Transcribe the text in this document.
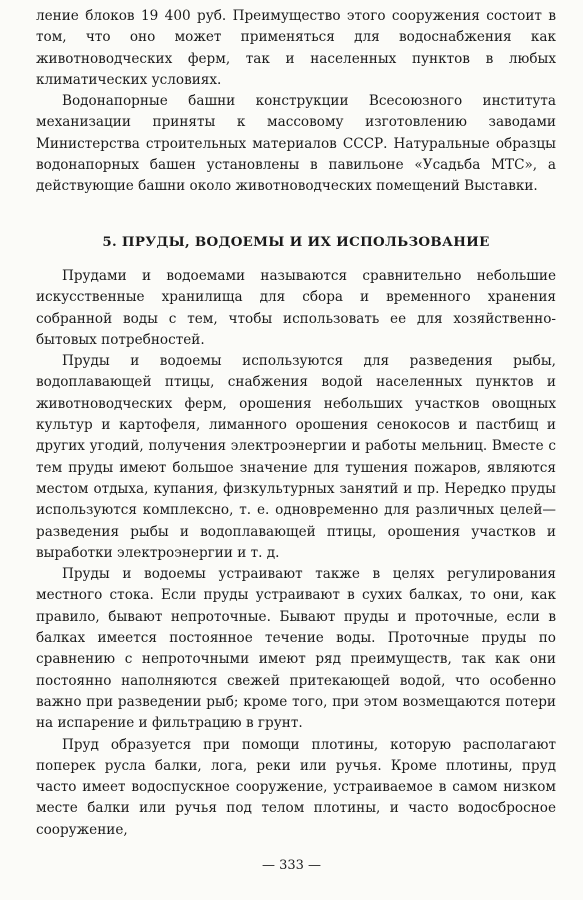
ление блоков 19 400 руб. Преимущество этого сооружения состоит в том, что оно может применяться для водоснабжения как животноводческих ферм, так и населенных пунктов в любых климатических условиях.

Водонапорные башни конструкции Всесоюзного института механизации приняты к массовому изготовлению заводами Министерства строительных материалов СССР. Натуральные образцы водонапорных башен установлены в павильоне «Усадьба МТС», а действующие башни около животноводческих помещений Выставки.

5. ПРУДЫ, ВОДОЕМЫ И ИХ ИСПОЛЬЗОВАНИЕ

Прудами и водоемами называются сравнительно небольшие искусственные хранилища для сбора и временного хранения собранной воды с тем, чтобы использовать ее для хозяйственно-бытовых потребностей.

Пруды и водоемы используются для разведения рыбы, водоплавающей птицы, снабжения водой населенных пунктов и животноводческих ферм, орошения небольших участков овощных культур и картофеля, лиманного орошения сенокосов и пастбищ и других угодий, получения электроэнергии и работы мельниц. Вместе с тем пруды имеют большое значение для тушения пожаров, являются местом отдыха, купания, физкультурных занятий и пр. Нередко пруды используются комплексно, т. е. одновременно для различных целей—разведения рыбы и водоплавающей птицы, орошения участков и выработки электроэнергии и т. д.

Пруды и водоемы устраивают также в целях регулирования местного стока. Если пруды устраивают в сухих балках, то они, как правило, бывают непроточные. Бывают пруды и проточные, если в балках имеется постоянное течение воды. Проточные пруды по сравнению с непроточными имеют ряд преимуществ, так как они постоянно наполняются свежей притекающей водой, что особенно важно при разведении рыб; кроме того, при этом возмещаются потери на испарение и фильтрацию в грунт.

Пруд образуется при помощи плотины, которую располагают поперек русла балки, лога, реки или ручья. Кроме плотины, пруд часто имеет водоспускное сооружение, устраиваемое в самом низком месте балки или ручья под телом плотины, и часто водосбросное сооружение,

— 333 —
